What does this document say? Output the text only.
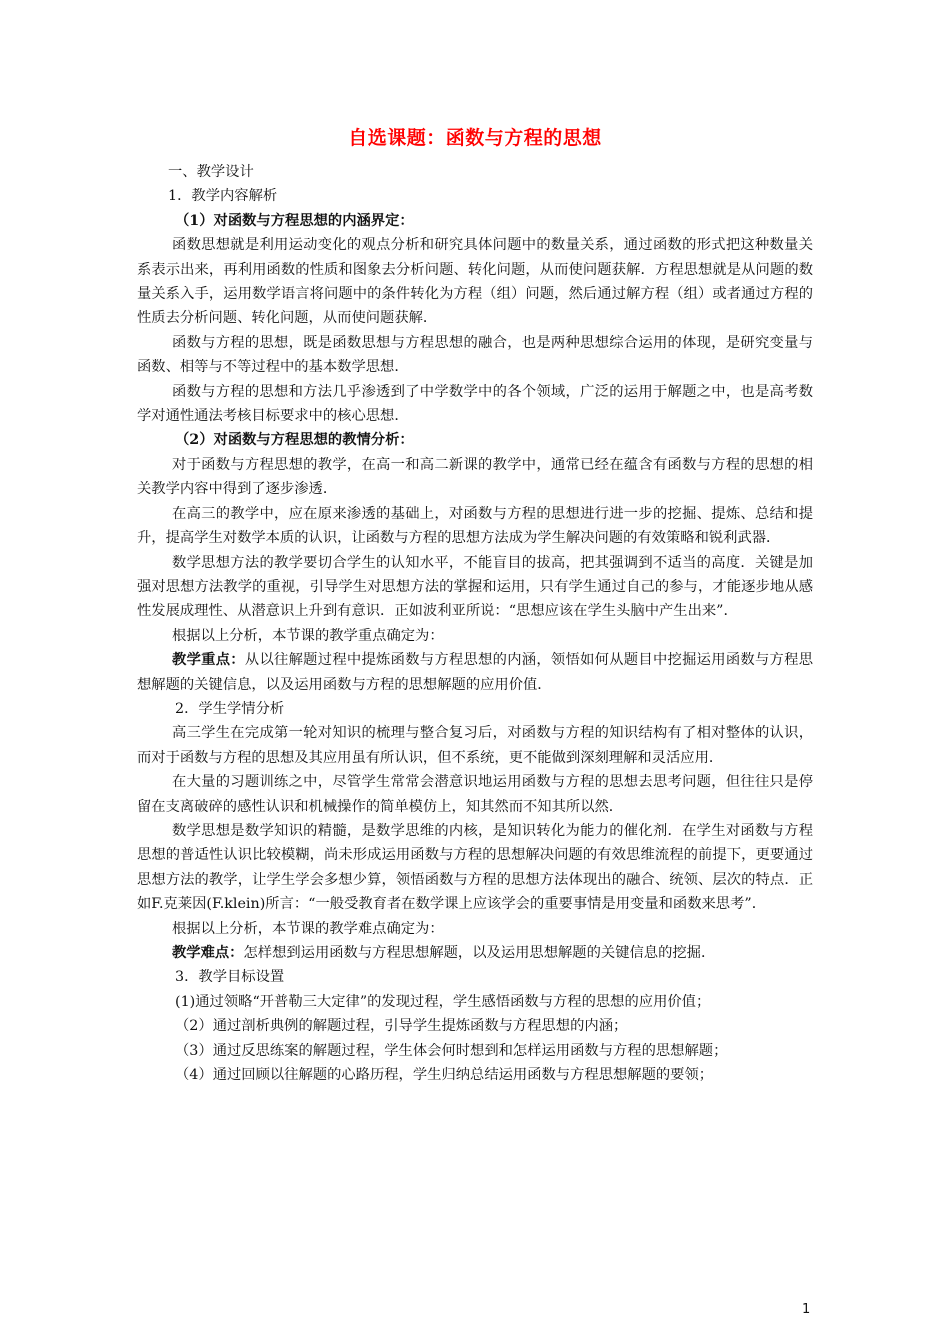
自选课题：函数与方程的思想

一、教学设计

1．教学内容解析

（1）对函数与方程思想的内涵界定：

函数思想就是利用运动变化的观点分析和研究具体问题中的数量关系，通过函数的形式把这种数量关系表示出来，再利用函数的性质和图象去分析问题、转化问题，从而使问题获解．方程思想就是从问题的数量关系入手，运用数学语言将问题中的条件转化为方程（组）问题，然后通过解方程（组）或者通过方程的性质去分析问题、转化问题，从而使问题获解．

函数与方程的思想，既是函数思想与方程思想的融合，也是两种思想综合运用的体现，是研究变量与函数、相等与不等过程中的基本数学思想．

函数与方程的思想和方法几乎渗透到了中学数学中的各个领域，广泛的运用于解题之中，也是高考数学对通性通法考核目标要求中的核心思想．

（2）对函数与方程思想的教情分析：

对于函数与方程思想的教学，在高一和高二新课的教学中，通常已经在蕴含有函数与方程的思想的相关教学内容中得到了逐步渗透．

在高三的教学中，应在原来渗透的基础上，对函数与方程的思想进行进一步的挖掘、提炼、总结和提升，提高学生对数学本质的认识，让函数与方程的思想方法成为学生解决问题的有效策略和锐利武器．

数学思想方法的教学要切合学生的认知水平，不能盲目的拔高，把其强调到不适当的高度．关键是加强对思想方法教学的重视，引导学生对思想方法的掌握和运用，只有学生通过自己的参与，才能逐步地从感性发展成理性、从潜意识上升到有意识．正如波利亚所说：“思想应该在学生头脑中产生出来”．

根据以上分析，本节课的教学重点确定为：

教学重点：从以往解题过程中提炼函数与方程思想的内涵，领悟如何从题目中挖掘运用函数与方程思想解题的关键信息，以及运用函数与方程的思想解题的应用价值．

2．学生学情分析

高三学生在完成第一轮对知识的梳理与整合复习后，对函数与方程的知识结构有了相对整体的认识，而对于函数与方程的思想及其应用虽有所认识，但不系统，更不能做到深刻理解和灵活应用．

在大量的习题训练之中，尽管学生常常会潜意识地运用函数与方程的思想去思考问题，但往往只是停留在支离破碎的感性认识和机械操作的简单模仿上，知其然而不知其所以然．

数学思想是数学知识的精髓，是数学思维的内核，是知识转化为能力的催化剂．在学生对函数与方程思想的普适性认识比较模糊，尚未形成运用函数与方程的思想解决问题的有效思维流程的前提下，更要通过思想方法的教学，让学生学会多想少算，领悟函数与方程的思想方法体现出的融合、统领、层次的特点．正如F.克莱因(F.klein)所言：“一般受教育者在数学课上应该学会的重要事情是用变量和函数来思考”．

根据以上分析，本节课的教学难点确定为：

教学难点：怎样想到运用函数与方程思想解题，以及运用思想解题的关键信息的挖掘．

3．教学目标设置

(1)通过领略“开普勒三大定律”的发现过程，学生感悟函数与方程的思想的应用价值；

（2）通过剖析典例的解题过程，引导学生提炼函数与方程思想的内涵；

（3）通过反思练案的解题过程，学生体会何时想到和怎样运用函数与方程的思想解题；

（4）通过回顾以往解题的心路历程，学生归纳总结运用函数与方程思想解题的要领；

1
